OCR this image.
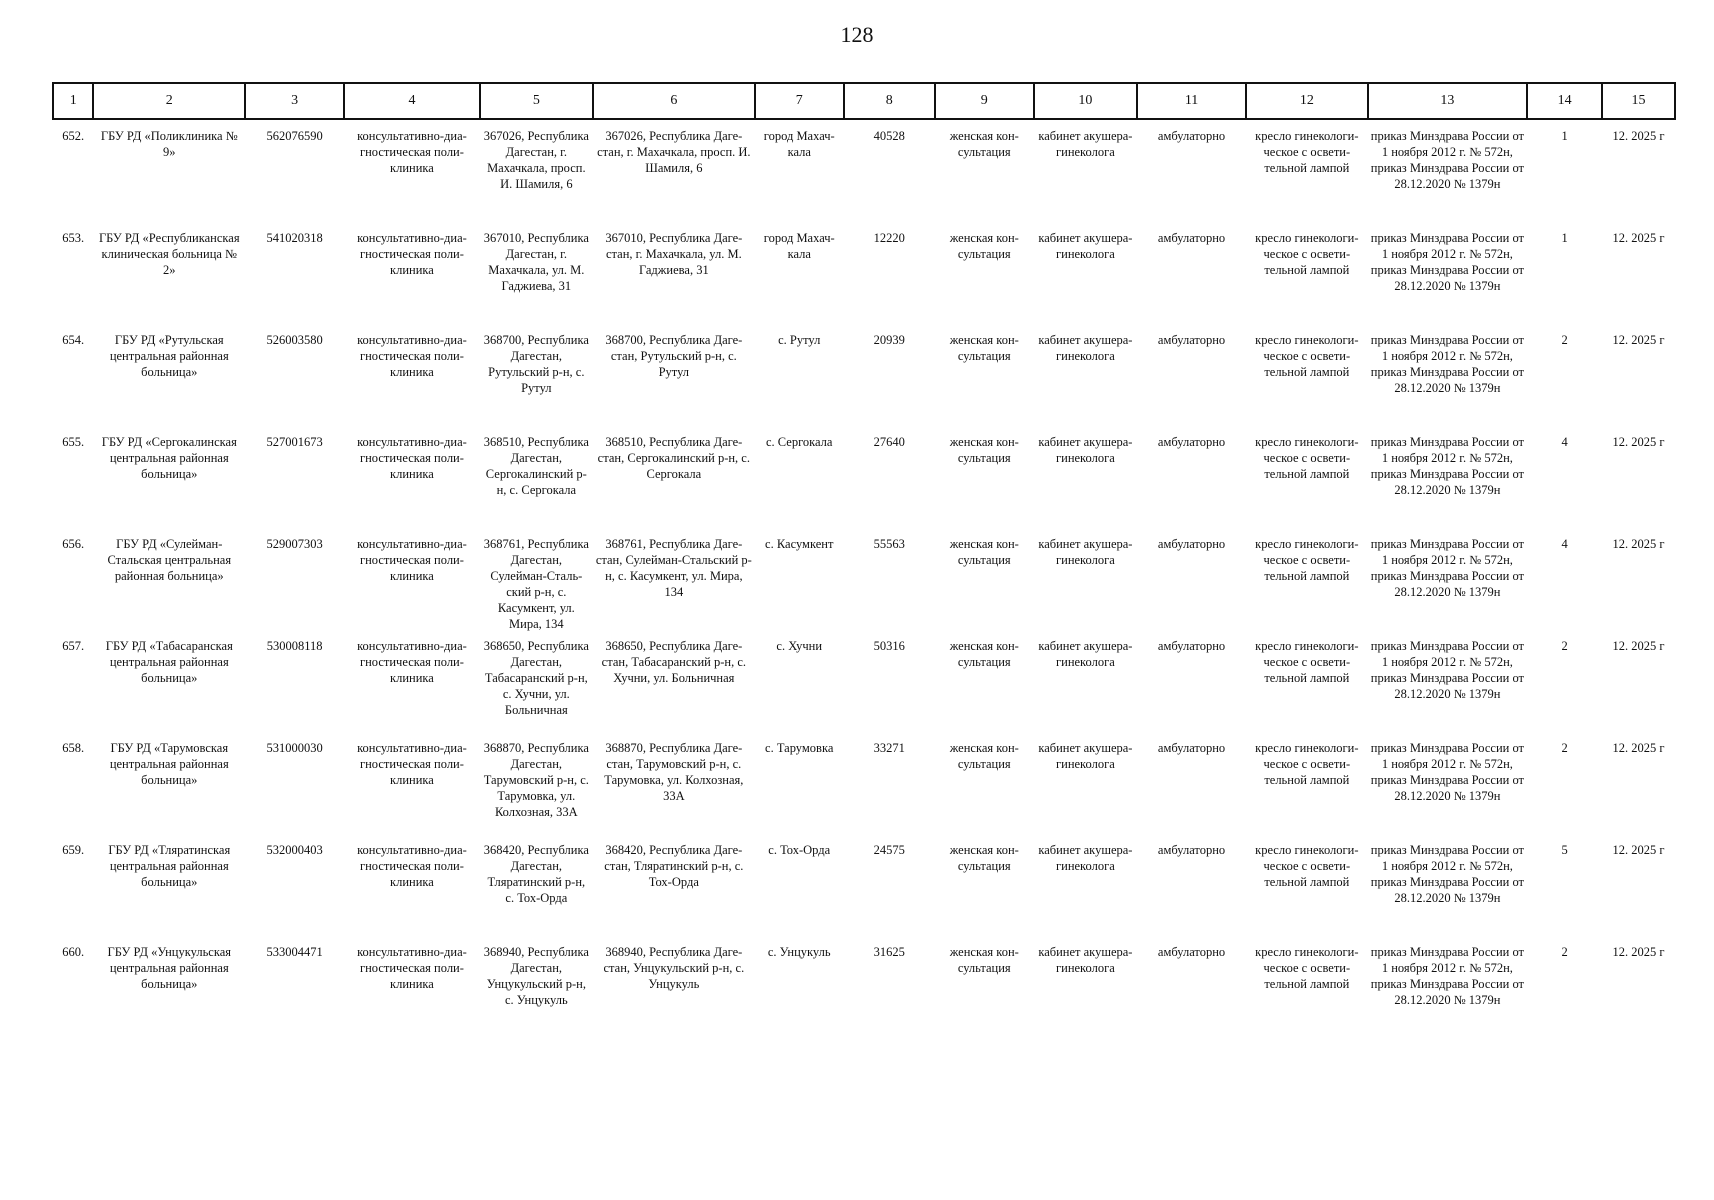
128
1	2	3	4	5	6	7	8	9	10	11	12	13	14	15
652.	ГБУ РД «Поликлиника № 9»	562076590	консультативно-диагностическая поликлиника	367026, Республика Дагестан, г. Махачкала, просп. И. Шамиля, 6	367026, Республика Дагестан, г. Махачкала, просп. И. Шамиля, 6	город Махачкала	40528	женская консультация	кабинет акушера-гинеколога	амбулаторно	кресло гинекологическое с осветительной лампой	приказ Минздрава России от 1 ноября 2012 г. № 572н, приказ Минздрава России от 28.12.2020 № 1379н	1	12. 2025 г
653.	ГБУ РД «Республиканская клиническая больница № 2»	541020318	консультативно-диагностическая поликлиника	367010, Республика Дагестан, г. Махачкала, ул. М. Гаджиева, 31	367010, Республика Дагестан, г. Махачкала, ул. М. Гаджиева, 31	город Махачкала	12220	женская консультация	кабинет акушера-гинеколога	амбулаторно	кресло гинекологическое с осветительной лампой	приказ Минздрава России от 1 ноября 2012 г. № 572н, приказ Минздрава России от 28.12.2020 № 1379н	1	12. 2025 г
654.	ГБУ РД «Рутульская центральная районная больница»	526003580	консультативно-диагностическая поликлиника	368700, Республика Дагестан, Рутульский р-н, с. Рутул	368700, Республика Дагестан, Рутульский р-н, с. Рутул	с. Рутул	20939	женская консультация	кабинет акушера-гинеколога	амбулаторно	кресло гинекологическое с осветительной лампой	приказ Минздрава России от 1 ноября 2012 г. № 572н, приказ Минздрава России от 28.12.2020 № 1379н	2	12. 2025 г
655.	ГБУ РД «Сергокалинская центральная районная больница»	527001673	консультативно-диагностическая поликлиника	368510, Республика Дагестан, Сергокалинский р-н, с. Сергокала	368510, Республика Дагестан, Сергокалинский р-н, с. Сергокала	с. Сергокала	27640	женская консультация	кабинет акушера-гинеколога	амбулаторно	кресло гинекологическое с осветительной лампой	приказ Минздрава России от 1 ноября 2012 г. № 572н, приказ Минздрава России от 28.12.2020 № 1379н	4	12. 2025 г
656.	ГБУ РД «Сулейман-Стальская центральная районная больница»	529007303	консультативно-диагностическая поликлиника	368761, Республика Дагестан, Сулейман-Стальский р-н, с. Касумкент, ул. Мира, 134	368761, Республика Дагестан, Сулейман-Стальский р-н, с. Касумкент, ул. Мира, 134	с. Касумкент	55563	женская консультация	кабинет акушера-гинеколога	амбулаторно	кресло гинекологическое с осветительной лампой	приказ Минздрава России от 1 ноября 2012 г. № 572н, приказ Минздрава России от 28.12.2020 № 1379н	4	12. 2025 г
657.	ГБУ РД «Табасаранская центральная районная больница»	530008118	консультативно-диагностическая поликлиника	368650, Республика Дагестан, Табасаранский р-н, с. Хучни, ул. Больничная	368650, Республика Дагестан, Табасаранский р-н, с. Хучни, ул. Больничная	с. Хучни	50316	женская консультация	кабинет акушера-гинеколога	амбулаторно	кресло гинекологическое с осветительной лампой	приказ Минздрава России от 1 ноября 2012 г. № 572н, приказ Минздрава России от 28.12.2020 № 1379н	2	12. 2025 г
658.	ГБУ РД «Тарумовская центральная районная больница»	531000030	консультативно-диагностическая поликлиника	368870, Республика Дагестан, Тарумовский р-н, с. Тарумовка, ул. Колхозная, 33А	368870, Республика Дагестан, Тарумовский р-н, с. Тарумовка, ул. Колхозная, 33А	с. Тарумовка	33271	женская консультация	кабинет акушера-гинеколога	амбулаторно	кресло гинекологическое с осветительной лампой	приказ Минздрава России от 1 ноября 2012 г. № 572н, приказ Минздрава России от 28.12.2020 № 1379н	2	12. 2025 г
659.	ГБУ РД «Тляратинская центральная районная больница»	532000403	консультативно-диагностическая поликлиника	368420, Республика Дагестан, Тляратинский р-н, с. Тох-Орда	368420, Республика Дагестан, Тляратинский р-н, с. Тох-Орда	с. Тох-Орда	24575	женская консультация	кабинет акушера-гинеколога	амбулаторно	кресло гинекологическое с осветительной лампой	приказ Минздрава России от 1 ноября 2012 г. № 572н, приказ Минздрава России от 28.12.2020 № 1379н	5	12. 2025 г
660.	ГБУ РД «Унцукульская центральная районная больница»	533004471	консультативно-диагностическая поликлиника	368940, Республика Дагестан, Унцукульский р-н, с. Унцукуль	368940, Республика Дагестан, Унцукульский р-н, с. Унцукуль	с. Унцукуль	31625	женская консультация	кабинет акушера-гинеколога	амбулаторно	кресло гинекологическое с осветительной лампой	приказ Минздрава России от 1 ноября 2012 г. № 572н, приказ Минздрава России от 28.12.2020 № 1379н	2	12. 2025 г
